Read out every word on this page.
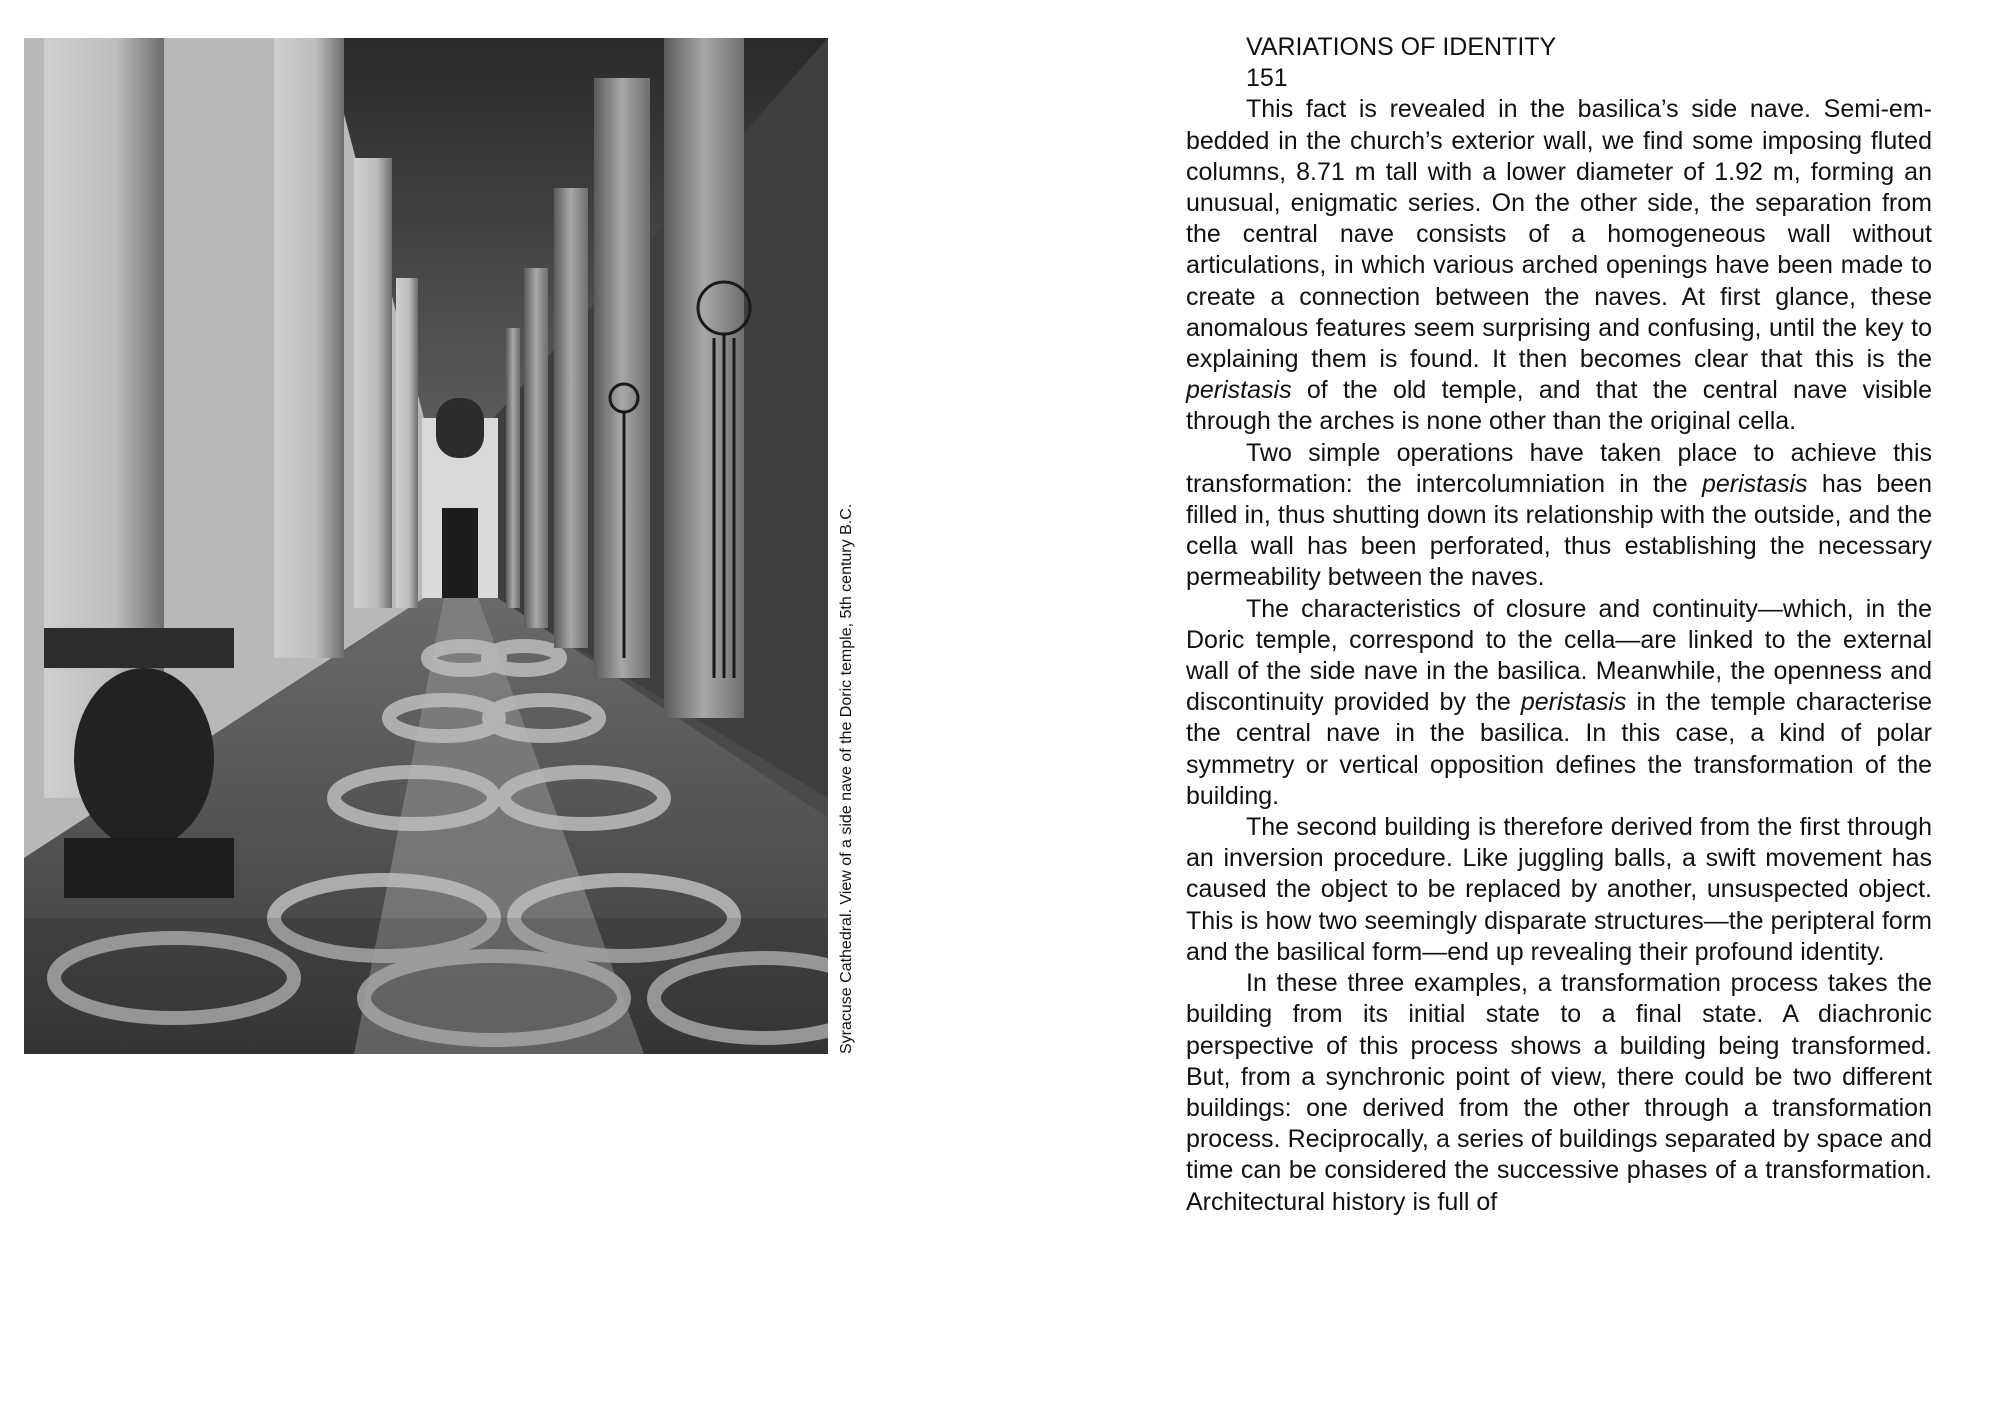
Syracuse Cathedral. View of a side nave of the Doric temple, 5th century B.C.
VARIATIONS OF IDENTITY
151

This fact is revealed in the basilica’s side nave. Semi-embedded in the church’s exterior wall, we find some imposing fluted columns, 8.71 m tall with a lower diameter of 1.92 m, forming an unusual, enigmatic series. On the other side, the separation from the central nave consists of a homogeneous wall without articulations, in which various arched openings have been made to create a connection between the naves. At first glance, these anomalous features seem surprising and confusing, until the key to explaining them is found. It then becomes clear that this is the peristasis of the old temple, and that the central nave visible through the arches is none other than the original cella.

Two simple operations have taken place to achieve this transformation: the intercolumniation in the peristasis has been filled in, thus shutting down its relationship with the outside, and the cella wall has been perforated, thus establishing the necessary permeability between the naves.

The characteristics of closure and continuity—which, in the Doric temple, correspond to the cella—are linked to the external wall of the side nave in the basilica. Meanwhile, the openness and discontinuity provided by the peristasis in the temple characterise the central nave in the basilica. In this case, a kind of polar symmetry or vertical opposition defines the transformation of the building.

The second building is therefore derived from the first through an inversion procedure. Like juggling balls, a swift movement has caused the object to be replaced by another, unsuspected object. This is how two seemingly disparate structures—the peripteral form and the basilical form—end up revealing their profound identity.

In these three examples, a transformation process takes the building from its initial state to a final state. A diachronic perspective of this process shows a building being transformed. But, from a synchronic point of view, there could be two different buildings: one derived from the other through a transformation process. Reciprocally, a series of buildings separated by space and time can be considered the successive phases of a transformation. Architectural history is full of
